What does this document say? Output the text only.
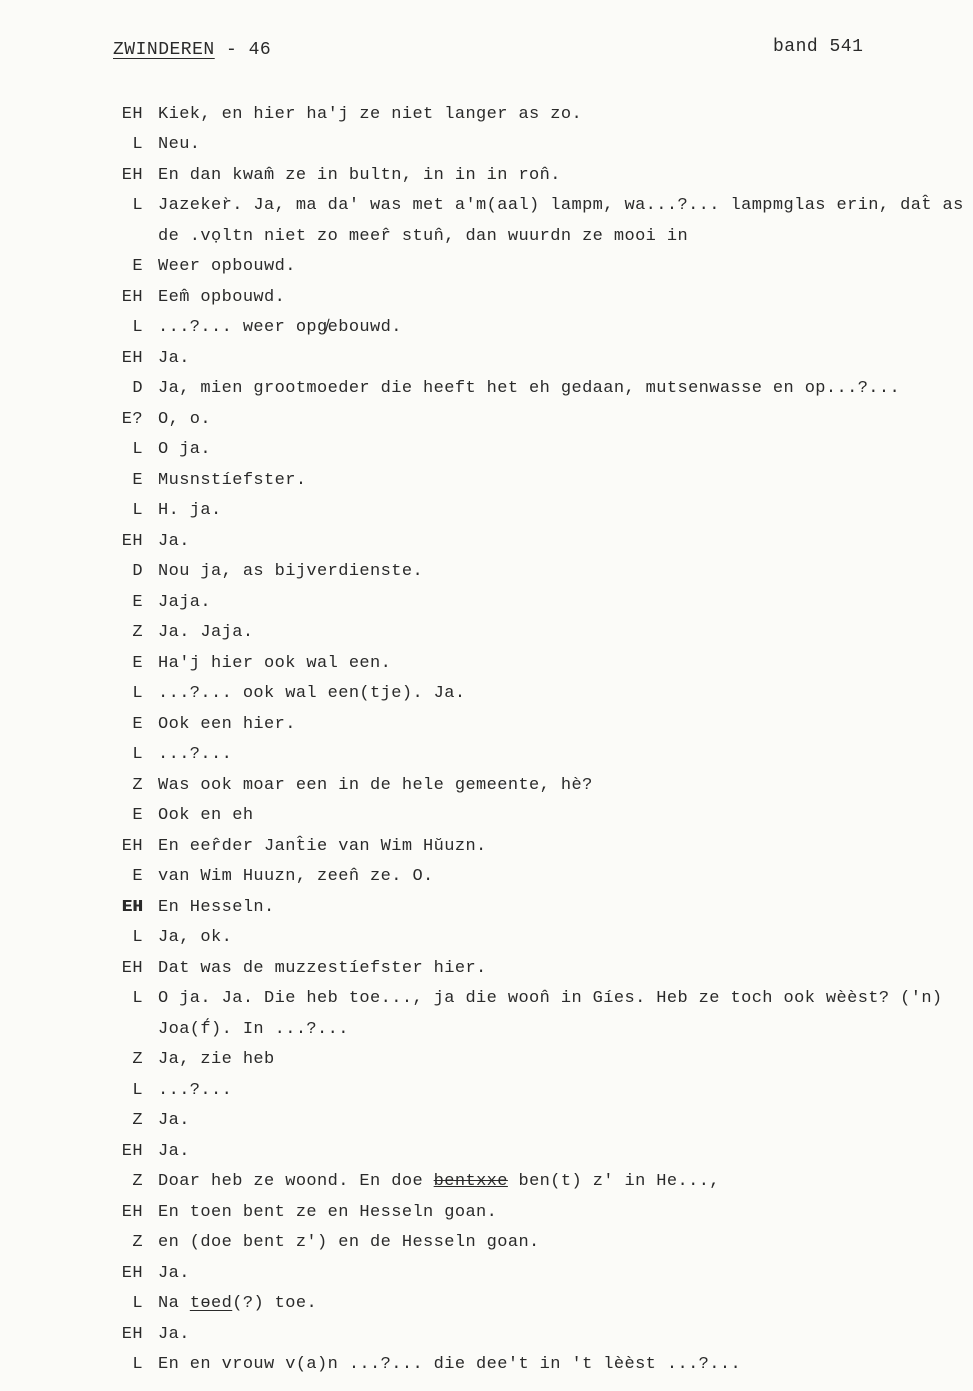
ZWINDEREN - 46	band 541
EH Kiek, en hier ha'j ze niet langer as zo.
L Neu.
EH En dan kwam̂ ze in bultn, in in in ron̂.
L Jazeker̀. Ja, ma da' was met a'm(aal) lampm, wa...?... lampmglas erin, dat̂ as
de .vọltn niet zo meer̂ stun̂, dan wuurdn ze mooi in
E Weer opbouwd.
EH Eem̂ opbouwd.
L ...?... weer opg̸ebouwd.
EH Ja.
D Ja, mien grootmoeder die heeft het eh gedaan, mutsenwasse en op...?...
E? O, o.
L O ja.
E Musnstíefster.
L H. ja.
EH Ja.
D Nou ja, as bijverdienste.
E Jaja.
Z Ja. Jaja.
E Ha'j hier ook wal een.
L ...?... ook wal een(tje). Ja.
E Ook een hier.
L ...?...
Z Was ook moar een in de hele gemeente, hè?
E Ook en eh
EH En eer̂der Jant̂ie van Wim Hŭuzn.
E van Wim Huuzn, zeen̂ ze. O.
EH En Hesseln.
L Ja, ok.
EH Dat was de muzzestíefster hier.
L O ja. Ja. Die heb toe..., ja die woon̂ in Gíes. Heb ze toch ook wèèst? ('n)
Joa(f́). In ...?...
Z Ja, zie heb
L ...?...
Z Ja.
EH Ja.
Z Doar heb ze woond. En doe bentxxe ben(t) z' in He...,
EH En toen bent ze en Hesseln goan.
Z en (doe bent z') en de Hesseln goan.
EH Ja.
L Na tɵed(?) toe.
EH Ja.
L En en vrouw v(a)n ...?... die dee't in 't lèèst ...?...
